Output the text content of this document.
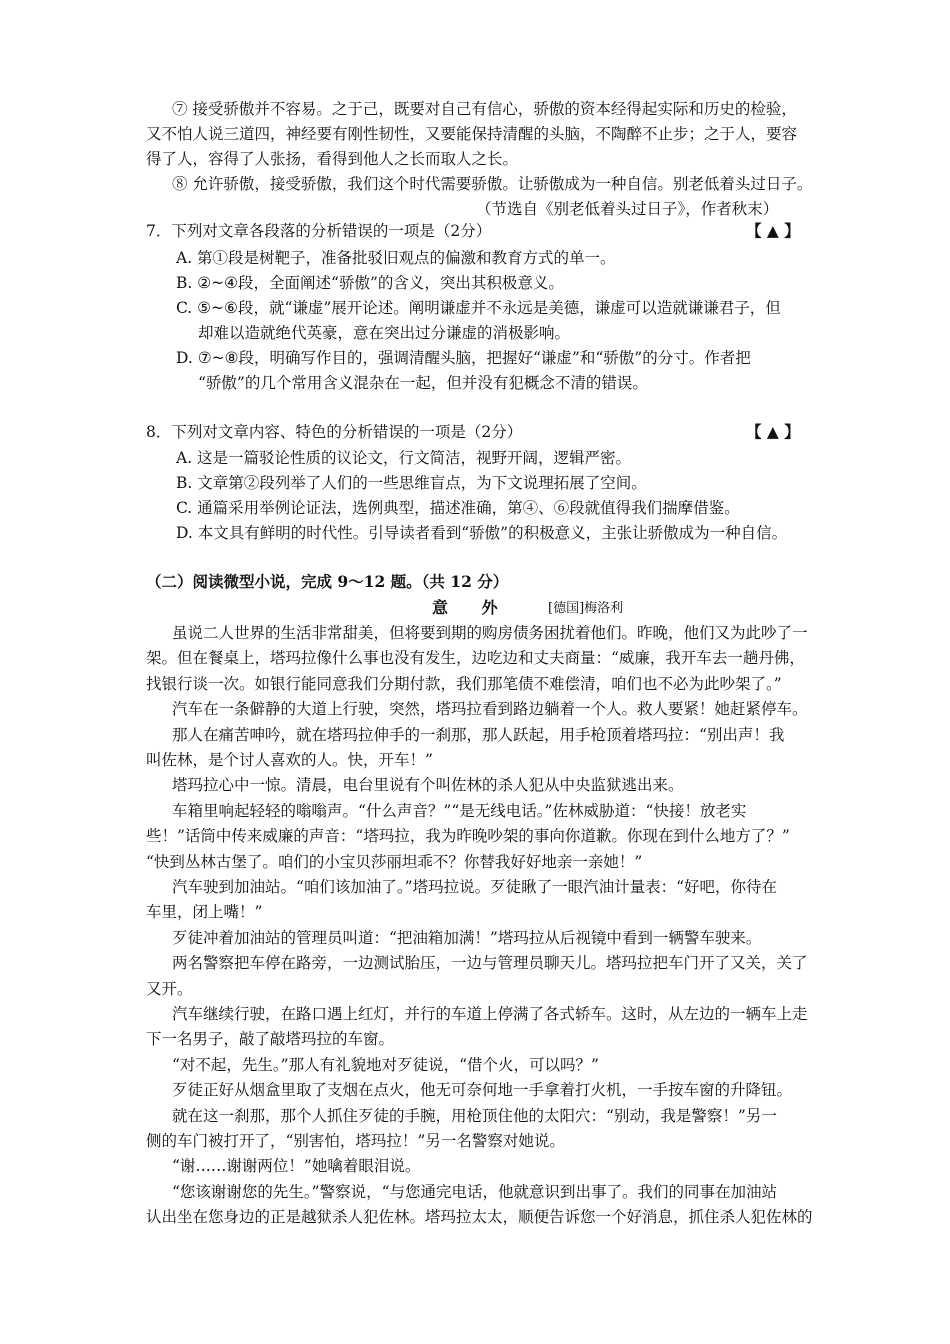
⑦ 接受骄傲并不容易。之于己，既要对自己有信心，骄傲的资本经得起实际和历史的检验，
又不怕人说三道四，神经要有刚性韧性，又要能保持清醒的头脑，不陶醉不止步；之于人，要容
得了人，容得了人张扬，看得到他人之长而取人之长。
⑧ 允许骄傲，接受骄傲，我们这个时代需要骄傲。让骄傲成为一种自信。别老低着头过日子。
（节选自《别老低着头过日子》，作者秋末）
7．下列对文章各段落的分析错误的一项是（2分）	【 ▲ 】
A. 第①段是树靶子，准备批驳旧观点的偏激和教育方式的单一。
B. ②~④段，全面阐述“骄傲”的含义，突出其积极意义。
C. ⑤~⑥段，就“谦虚”展开论述。阐明谦虚并不永远是美德，谦虚可以造就谦谦君子，但
却难以造就绝代英豪，意在突出过分谦虚的消极影响。
D. ⑦~⑧段，明确写作目的，强调清醒头脑，把握好“谦虚”和“骄傲”的分寸。作者把
“骄傲”的几个常用含义混杂在一起，但并没有犯概念不清的错误。
8．下列对文章内容、特色的分析错误的一项是（2分）	【 ▲ 】
A. 这是一篇驳论性质的议论文，行文简洁，视野开阔，逻辑严密。
B. 文章第②段列举了人们的一些思维盲点，为下文说理拓展了空间。
C. 通篇采用举例论证法，选例典型，描述准确，第④、⑥段就值得我们揣摩借鉴。
D. 本文具有鲜明的时代性。引导读者看到“骄傲”的积极意义，主张让骄傲成为一种自信。
（二）阅读微型小说，完成 9～12 题。（共 12 分）
意 外	[德国]梅洛利
虽说二人世界的生活非常甜美，但将要到期的购房债务困扰着他们。昨晚，他们又为此吵了一
架。但在餐桌上，塔玛拉像什么事也没有发生，边吃边和丈夫商量：“威廉，我开车去一趟丹佛，
找银行谈一次。如银行能同意我们分期付款，我们那笔债不难偿清，咱们也不必为此吵架了。”
汽车在一条僻静的大道上行驶，突然，塔玛拉看到路边躺着一个人。救人要紧！她赶紧停车。
那人在痛苦呻吟，就在塔玛拉伸手的一刹那，那人跃起，用手枪顶着塔玛拉：“别出声！我
叫佐林，是个讨人喜欢的人。快，开车！”
塔玛拉心中一惊。清晨，电台里说有个叫佐林的杀人犯从中央监狱逃出来。
车箱里响起轻轻的嗡嗡声。“什么声音？”“是无线电话。”佐林威胁道：“快接！放老实
些！”话筒中传来威廉的声音：“塔玛拉，我为昨晚吵架的事向你道歉。你现在到什么地方了？”
“快到丛林古堡了。咱们的小宝贝莎丽坦乖不？你替我好好地亲一亲她！”
汽车驶到加油站。“咱们该加油了。”塔玛拉说。歹徒瞅了一眼汽油计量表：“好吧，你待在
车里，闭上嘴！”
歹徒冲着加油站的管理员叫道：“把油箱加满！”塔玛拉从后视镜中看到一辆警车驶来。
两名警察把车停在路旁，一边测试胎压，一边与管理员聊天儿。塔玛拉把车门开了又关，关了
又开。
汽车继续行驶，在路口遇上红灯，并行的车道上停满了各式轿车。这时，从左边的一辆车上走
下一名男子，敲了敲塔玛拉的车窗。
“对不起，先生。”那人有礼貌地对歹徒说，“借个火，可以吗？”
歹徒正好从烟盒里取了支烟在点火，他无可奈何地一手拿着打火机，一手按车窗的升降钮。
就在这一刹那，那个人抓住歹徒的手腕，用枪顶住他的太阳穴：“别动，我是警察！”另一
侧的车门被打开了，“别害怕，塔玛拉！”另一名警察对她说。
“谢……谢谢两位！”她噙着眼泪说。
“您该谢谢您的先生。”警察说，“与您通完电话，他就意识到出事了。我们的同事在加油站
认出坐在您身边的正是越狱杀人犯佐林。塔玛拉太太，顺便告诉您一个好消息，抓住杀人犯佐林的
